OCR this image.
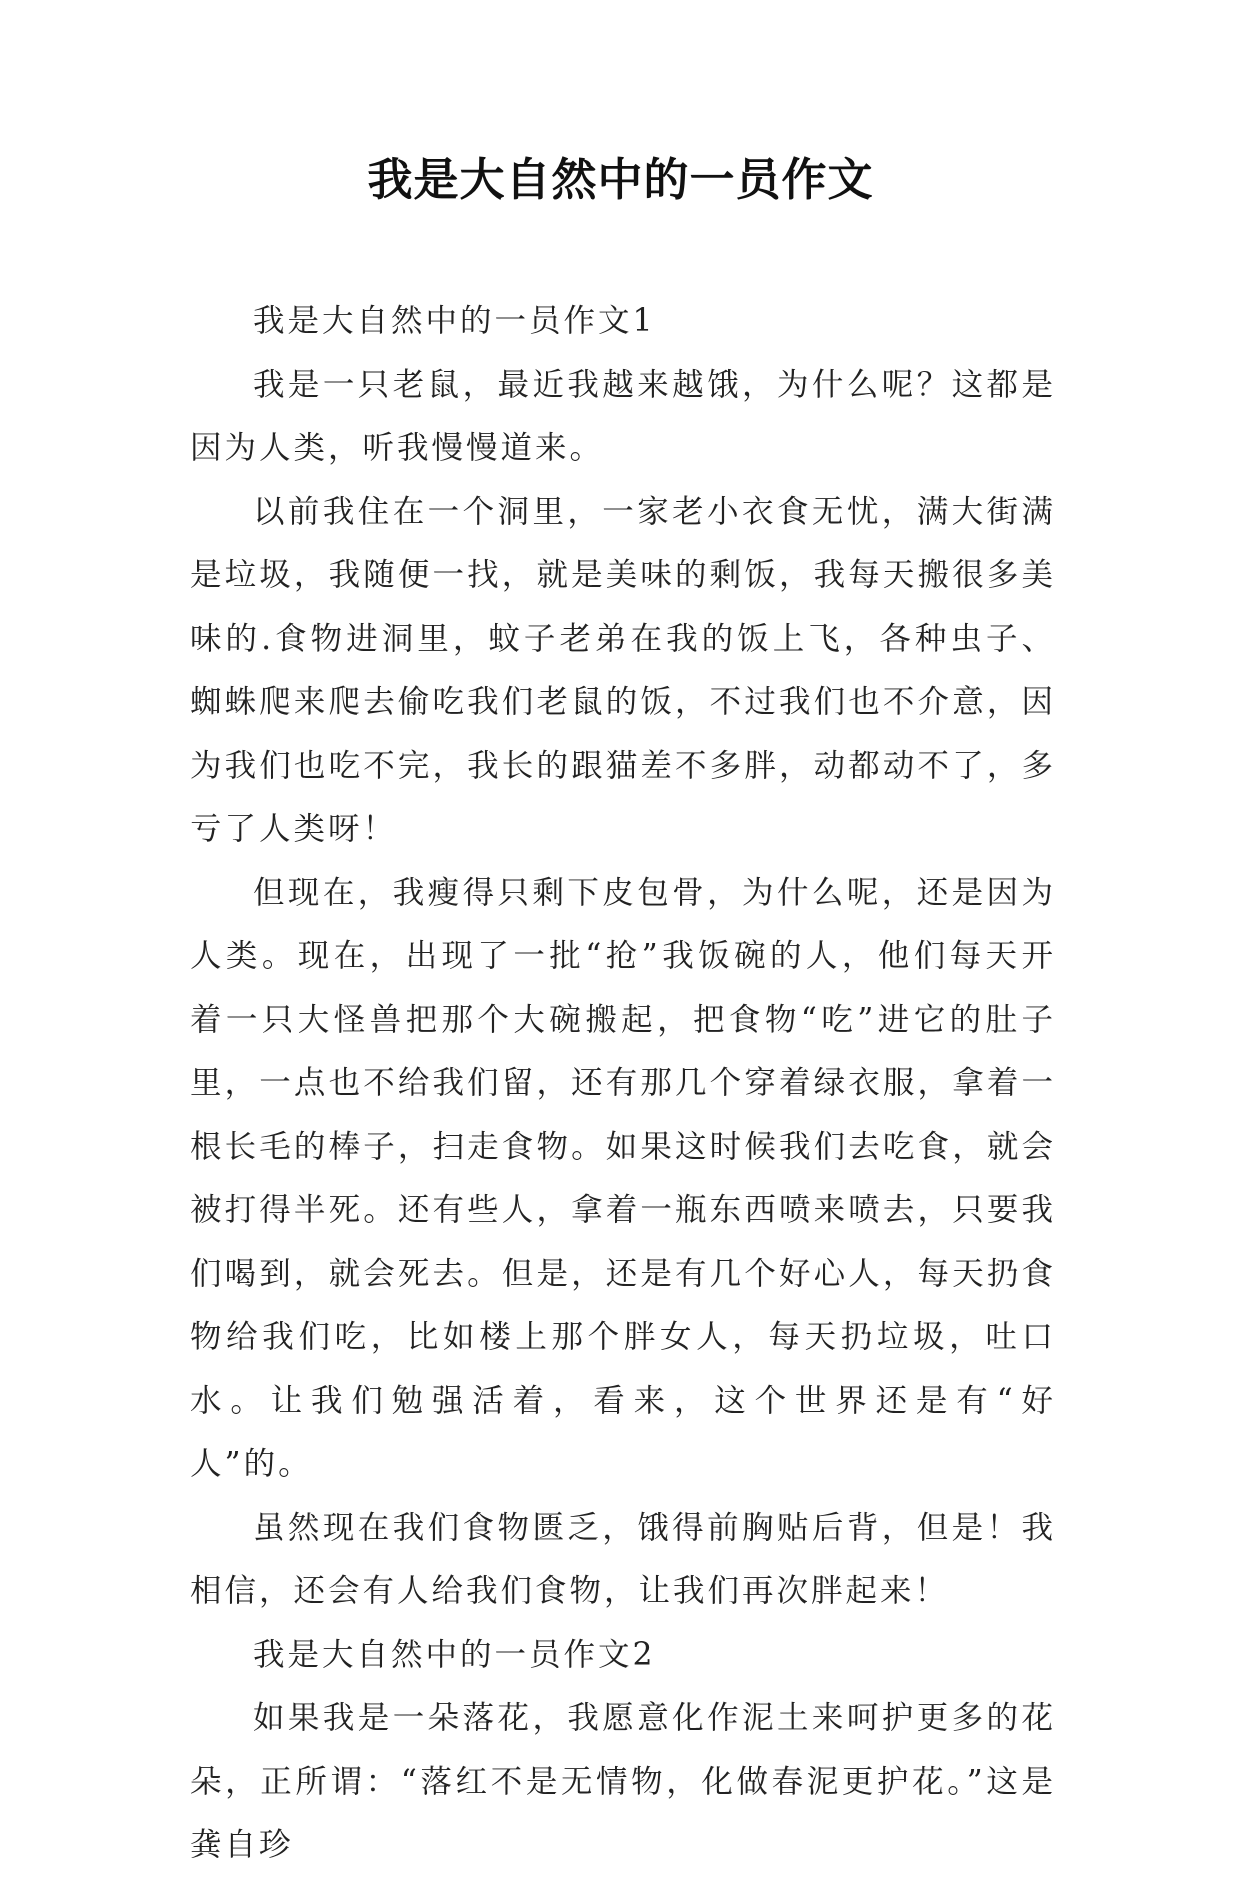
我是大自然中的一员作文

我是大自然中的一员作文1

我是一只老鼠，最近我越来越饿，为什么呢？这都是因为人类，听我慢慢道来。

以前我住在一个洞里，一家老小衣食无忧，满大街满是垃圾，我随便一找，就是美味的剩饭，我每天搬很多美味的.食物进洞里，蚊子老弟在我的饭上飞，各种虫子、蜘蛛爬来爬去偷吃我们老鼠的饭，不过我们也不介意，因为我们也吃不完，我长的跟猫差不多胖，动都动不了，多亏了人类呀！

但现在，我瘦得只剩下皮包骨，为什么呢，还是因为人类。现在，出现了一批“抢”我饭碗的人，他们每天开着一只大怪兽把那个大碗搬起，把食物“吃”进它的肚子里，一点也不给我们留，还有那几个穿着绿衣服，拿着一根长毛的棒子，扫走食物。如果这时候我们去吃食，就会被打得半死。还有些人，拿着一瓶东西喷来喷去，只要我们喝到，就会死去。但是，还是有几个好心人，每天扔食物给我们吃，比如楼上那个胖女人，每天扔垃圾，吐口水。让我们勉强活着，看来，这个世界还是有“好人”的。

虽然现在我们食物匮乏，饿得前胸贴后背，但是！我相信，还会有人给我们食物，让我们再次胖起来！

我是大自然中的一员作文2

如果我是一朵落花，我愿意化作泥土来呵护更多的花朵，正所谓：“落红不是无情物，化做春泥更护花。”这是龚自珍
